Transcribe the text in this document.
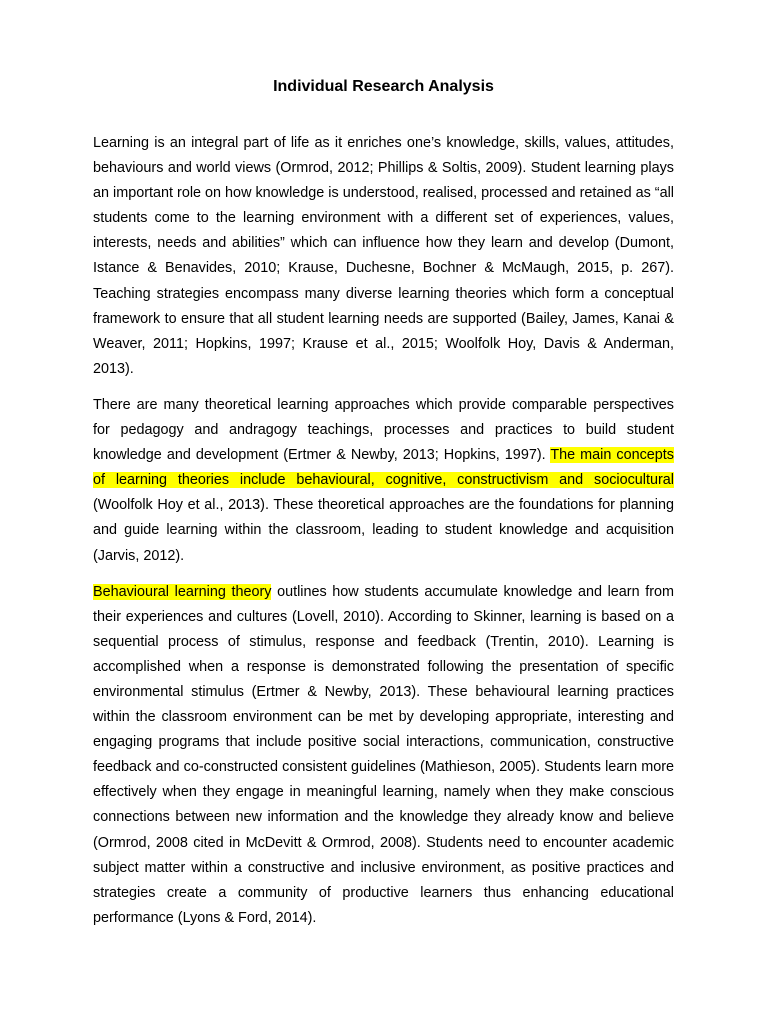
Individual Research Analysis

Learning is an integral part of life as it enriches one’s knowledge, skills, values, attitudes, behaviours and world views (Ormrod, 2012; Phillips & Soltis, 2009). Student learning plays an important role on how knowledge is understood, realised, processed and retained as “all students come to the learning environment with a different set of experiences, values, interests, needs and abilities” which can influence how they learn and develop (Dumont, Istance & Benavides, 2010; Krause, Duchesne, Bochner & McMaugh, 2015, p. 267). Teaching strategies encompass many diverse learning theories which form a conceptual framework to ensure that all student learning needs are supported (Bailey, James, Kanai & Weaver, 2011; Hopkins, 1997; Krause et al., 2015; Woolfolk Hoy, Davis & Anderman, 2013).

There are many theoretical learning approaches which provide comparable perspectives for pedagogy and andragogy teachings, processes and practices to build student knowledge and development (Ertmer & Newby, 2013; Hopkins, 1997). The main concepts of learning theories include behavioural, cognitive, constructivism and sociocultural (Woolfolk Hoy et al., 2013). These theoretical approaches are the foundations for planning and guide learning within the classroom, leading to student knowledge and acquisition (Jarvis, 2012).

Behavioural learning theory outlines how students accumulate knowledge and learn from their experiences and cultures (Lovell, 2010). According to Skinner, learning is based on a sequential process of stimulus, response and feedback (Trentin, 2010). Learning is accomplished when a response is demonstrated following the presentation of specific environmental stimulus (Ertmer & Newby, 2013). These behavioural learning practices within the classroom environment can be met by developing appropriate, interesting and engaging programs that include positive social interactions, communication, constructive feedback and co-constructed consistent guidelines (Mathieson, 2005). Students learn more effectively when they engage in meaningful learning, namely when they make conscious connections between new information and the knowledge they already know and believe (Ormrod, 2008 cited in McDevitt & Ormrod, 2008). Students need to encounter academic subject matter within a constructive and inclusive environment, as positive practices and strategies create a community of productive learners thus enhancing educational performance (Lyons & Ford, 2014).
